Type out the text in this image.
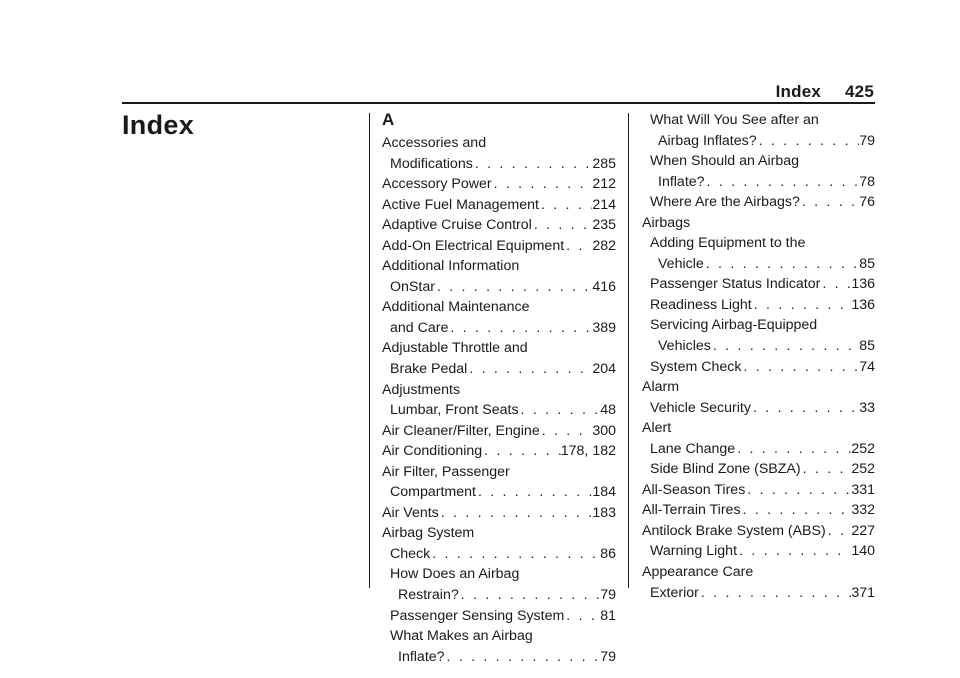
Index 425
Index	A
Accessories and
Modifications . . .	285
Accessory Power . . .	212
Active Fuel Management . . .	214
Adaptive Cruise Control . . .	235
Add-On Electrical Equipment . . . 282
Additional Information
OnStar . . .	416
Additional Maintenance
and Care . . .	389
Adjustable Throttle and
Brake Pedal . . .	204
Adjustments
Lumbar, Front Seats . . .	48
Air Cleaner/Filter, Engine . . .	300
Air Conditioning . . .	178, 182
Air Filter, Passenger
Compartment . . .	184
Air Vents . . .	183
Airbag System
Check . . .	86
How Does an Airbag
Restrain? . . .	79
Passenger Sensing System . . .	81
What Makes an Airbag
Inflate? . . .	79
What Will You See after an
Airbag Inflates? . . .	79
When Should an Airbag
Inflate? . . .	78
Where Are the Airbags? . . .	76
Airbags
Adding Equipment to the
Vehicle . . .	85
Passenger Status Indicator . . . 136
Readiness Light . . .	136
Servicing Airbag-Equipped
Vehicles . . .	85
System Check . . .	74
Alarm
Vehicle Security . . .	33
Alert
Lane Change . . .	252
Side Blind Zone (SBZA) . . .	252
All-Season Tires . . .	331
All-Terrain Tires . . .	332
Antilock Brake System (ABS) . . . 227
Warning Light . . .	140
Appearance Care
Exterior . . .	371
